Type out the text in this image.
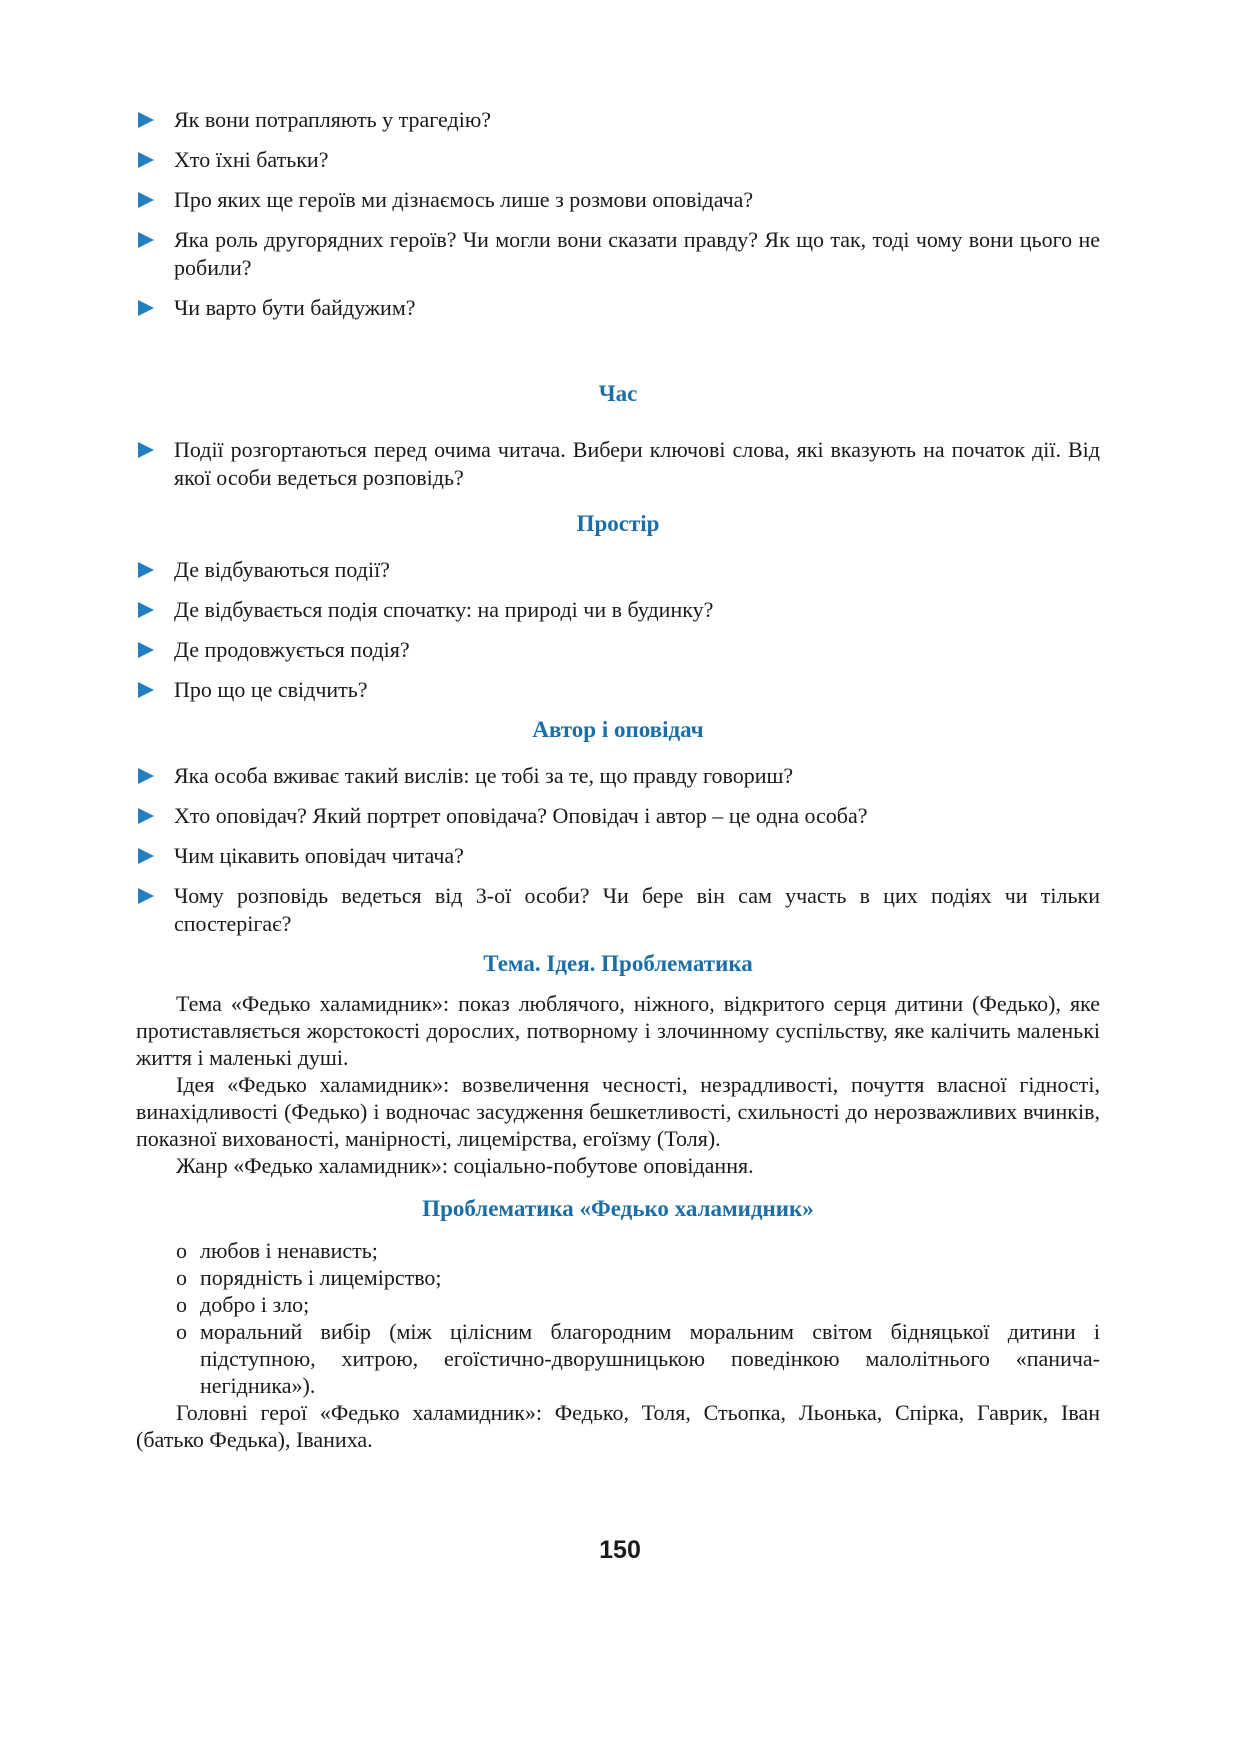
Як вони потрапляють у трагедію?
Хто їхні батьки?
Про яких ще героїв ми дізнаємось лише з розмови оповідача?
Яка роль другорядних героїв? Чи могли вони сказати правду? Як що так, тоді чому вони цього не робили?
Чи варто бути байдужим?
Час
Події розгортаються перед очима читача. Вибери ключові слова, які вказують на початок дії. Від якої особи ведеться розповідь?
Простір
Де відбуваються події?
Де відбувається подія спочатку: на природі чи в будинку?
Де продовжується подія?
Про що це свідчить?
Автор і оповідач
Яка особа вживає такий вислів: це тобі за те, що правду говориш?
Хто оповідач? Який портрет оповідача? Оповідач і автор – це одна особа?
Чим цікавить оповідач читача?
Чому розповідь ведеться від 3-ої особи? Чи бере він сам участь в цих подіях чи тільки спостерігає?
Тема. Ідея. Проблематика

Тема «Федько халамидник»: показ люблячого, ніжного, відкритого серця дитини (Федько), яке протиставляється жорстокості дорослих, потворному і злочинному суспільству, яке калічить маленькі життя і маленькі душі.

Ідея «Федько халамидник»: возвеличення чесності, незрадливості, почуття власної гідності, винахідливості (Федько) і водночас засудження бешкетливості, схильності до нерозважливих вчинків, показної вихованості, манірності, лицемірства, егоїзму (Толя).

Жанр «Федько халамидник»: соціально-побутове оповідання.

Проблематика «Федько халамидник»
o любов і ненависть;
o порядність і лицемірство;
o добро і зло;
o моральний вибір (між цілісним благородним моральним світом бідняцької дитини і підступною, хитрою, егоїстично-дворушницькою поведінкою малолітнього «панича-негідника»).

Головні герої «Федько халамидник»: Федько, Толя, Стьопка, Льонька, Спірка, Гаврик, Іван (батько Федька), Іваниха.

150
